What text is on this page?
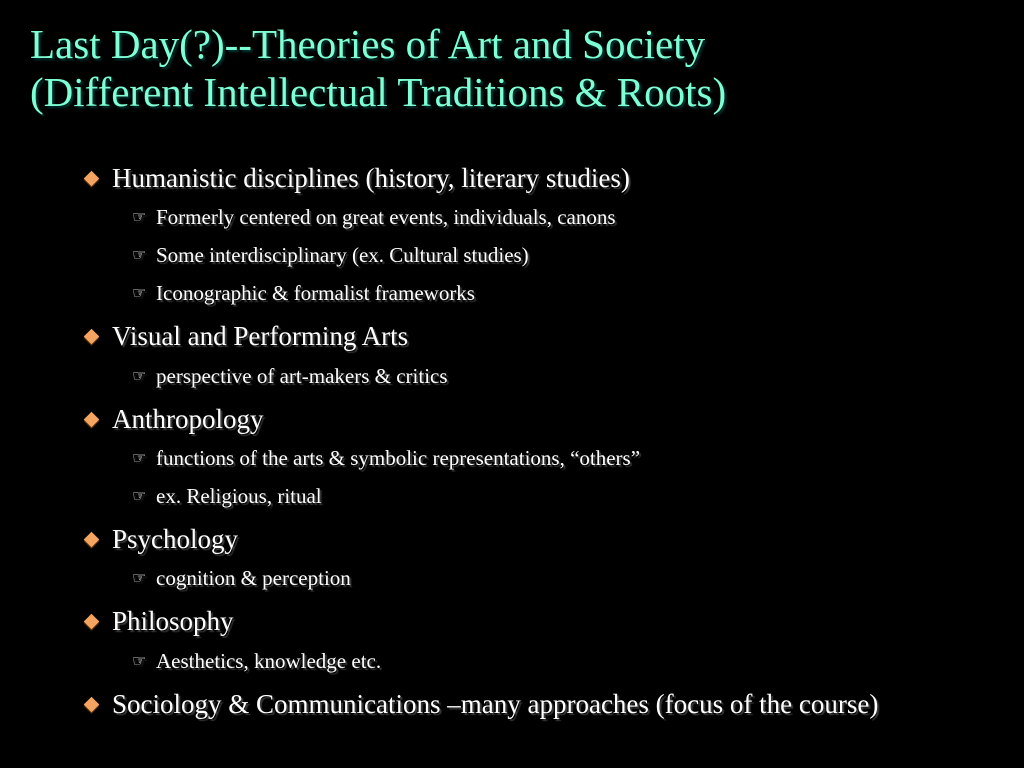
Last Day(?)--Theories of Art and Society
(Different Intellectual Traditions & Roots)
Humanistic disciplines (history, literary studies)
☞ Formerly centered on great events, individuals, canons
☞ Some interdisciplinary (ex. Cultural studies)
☞ Iconographic & formalist frameworks
Visual and Performing Arts
☞ perspective of art-makers & critics
Anthropology
☞ functions of the arts & symbolic representations, “others”
☞ ex. Religious, ritual
Psychology
☞ cognition & perception
Philosophy
☞ Aesthetics, knowledge etc.
Sociology & Communications –many approaches (focus of the course)
